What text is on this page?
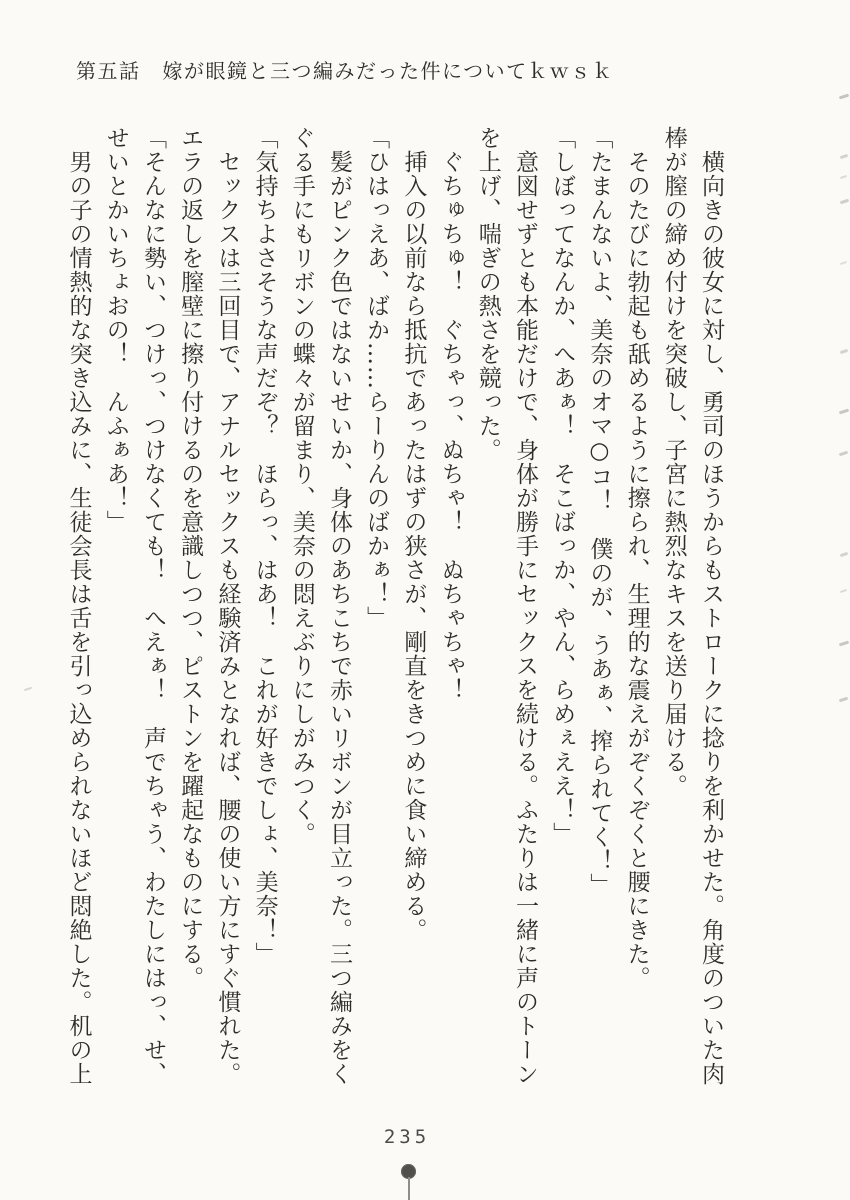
第五話 嫁が眼鏡と三つ編みだった件についてｋｗｓｋ
　横向きの彼女に対し、勇司のほうからもストロークに捻りを利かせた。角度のついた肉
棒が膣の締め付けを突破し、子宮に熱烈なキスを送り届ける。
　そのたびに勃起も舐めるように擦られ、生理的な震えがぞくぞくと腰にきた。
「たまんないよ、美奈のオマ○コ！　僕のが、うあぁ、搾られてく！」
「しぼってなんか、へあぁ！　そこばっか、やん、らめぇええ！」
　意図せずとも本能だけで、身体が勝手にセックスを続ける。ふたりは一緒に声のトーン
を上げ、喘ぎの熱さを競った。
　ぐちゅちゅ！　ぐちゃっ、ぬちゃ！　ぬちゃちゃ！
　挿入の以前なら抵抗であったはずの狭さが、剛直をきつめに食い締める。
「ひはっえあ、ばか……らーりんのばかぁ！」
　髪がピンク色ではないせいか、身体のあちこちで赤いリボンが目立った。三つ編みをく
ぐる手にもリボンの蝶々が留まり、美奈の悶えぶりにしがみつく。
「気持ちよさそうな声だぞ？　ほらっ、はあ！　これが好きでしょ、美奈！」
　セックスは三回目で、アナルセックスも経験済みとなれば、腰の使い方にすぐ慣れた。
エラの返しを膣壁に擦り付けるのを意識しつつ、ピストンを躍起なものにする。
「そんなに勢い、つけっ、つけなくても！　へえぁ！　声でちゃう、わたしにはっ、せ、
せいとかいちょおの！　んふぁあ！」
　男の子の情熱的な突き込みに、生徒会長は舌を引っ込められないほど悶絶した。机の上
235
